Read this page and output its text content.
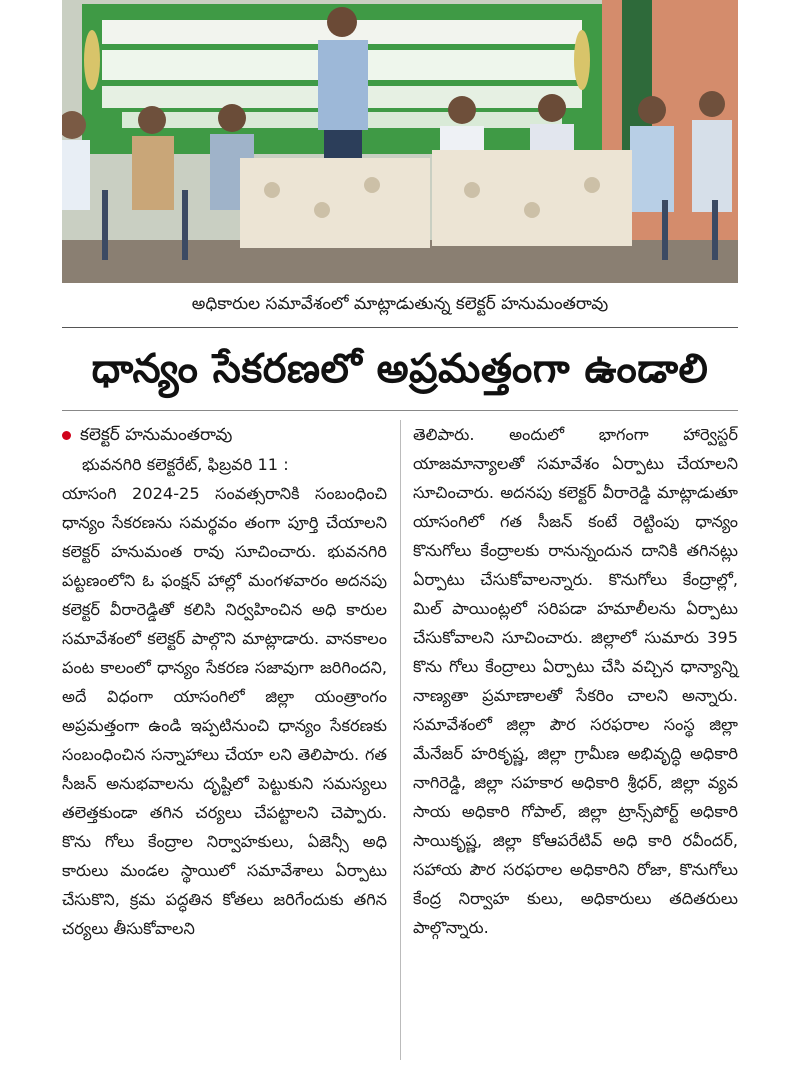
అధికారుల సమావేశంలో మాట్లాడుతున్న కలెక్టర్ హనుమంతరావు
ధాన్యం సేకరణలో అప్రమత్తంగా ఉండాలి
కలెక్టర్ హనుమంతరావు

భువనగిరి కలెక్టరేట్, ఫిబ్రవరి 11 :

యాసంగి 2024-25 సంవత్సరానికి సంబంధించి ధాన్యం సేకరణను సమర్థవం తంగా పూర్తి చేయాలని కలెక్టర్ హనుమంత రావు సూచించారు. భువనగిరి పట్టణంలోని ఓ ఫంక్షన్ హాల్లో మంగళవారం అదనపు కలెక్టర్ వీరారెడ్డితో కలిసి నిర్వహించిన అధి కారుల సమావేశంలో కలెక్టర్ పాల్గొని మాట్లాడారు. వానకాలం పంట కాలంలో ధాన్యం సేకరణ సజావుగా జరిగిందని, అదే విధంగా యాసంగిలో జిల్లా యంత్రాంగం అప్రమత్తంగా ఉండి ఇప్పటినుంచి ధాన్యం సేకరణకు సంబంధించిన సన్నాహాలు చేయా లని తెలిపారు. గత సీజన్ అనుభవాలను దృష్టిలో పెట్టుకుని సమస్యలు తలెత్తకుండా తగిన చర్యలు చేపట్టాలని చెప్పారు. కొను గోలు కేంద్రాల నిర్వాహకులు, ఏజెన్సీ అధి కారులు మండల స్థాయిలో సమావేశాలు ఏర్పాటు చేసుకొని, క్రమ పద్ధతిన కోతలు జరిగేందుకు తగిన చర్యలు తీసుకోవాలని

తెలిపారు. అందులో భాగంగా హార్వెస్టర్ యాజమాన్యాలతో సమావేశం ఏర్పాటు చేయాలని సూచించారు. అదనపు కలెక్టర్ వీరారెడ్డి మాట్లాడుతూ యాసంగిలో గత సీజన్ కంటే రెట్టింపు ధాన్యం కొనుగోలు కేంద్రాలకు రానున్నందున దానికి తగినట్లు ఏర్పాటు చేసుకోవాలన్నారు. కొనుగోలు కేంద్రాల్లో, మిల్ పాయింట్లలో సరిపడా హమాలీలను ఏర్పాటు చేసుకోవాలని సూచించారు. జిల్లాలో సుమారు 395 కొను గోలు కేంద్రాలు ఏర్పాటు చేసి వచ్చిన ధాన్యాన్ని నాణ్యతా ప్రమాణాలతో సేకరిం చాలని అన్నారు. సమావేశంలో జిల్లా పౌర సరఫరాల సంస్థ జిల్లా మేనేజర్ హరికృష్ణ, జిల్లా గ్రామీణ అభివృద్ధి అధికారి నాగిరెడ్డి, జిల్లా సహకార అధికారి శ్రీధర్, జిల్లా వ్యవ సాయ అధికారి గోపాల్, జిల్లా ట్రాన్స్‌పోర్ట్ అధికారి సాయికృష్ణ, జిల్లా కోఆపరేటివ్ అధి కారి రవీందర్, సహాయ పౌర సరఫరాల అధికారిని రోజా, కొనుగోలు కేంద్ర నిర్వాహ కులు, అధికారులు తదితరులు పాల్గొన్నారు.
